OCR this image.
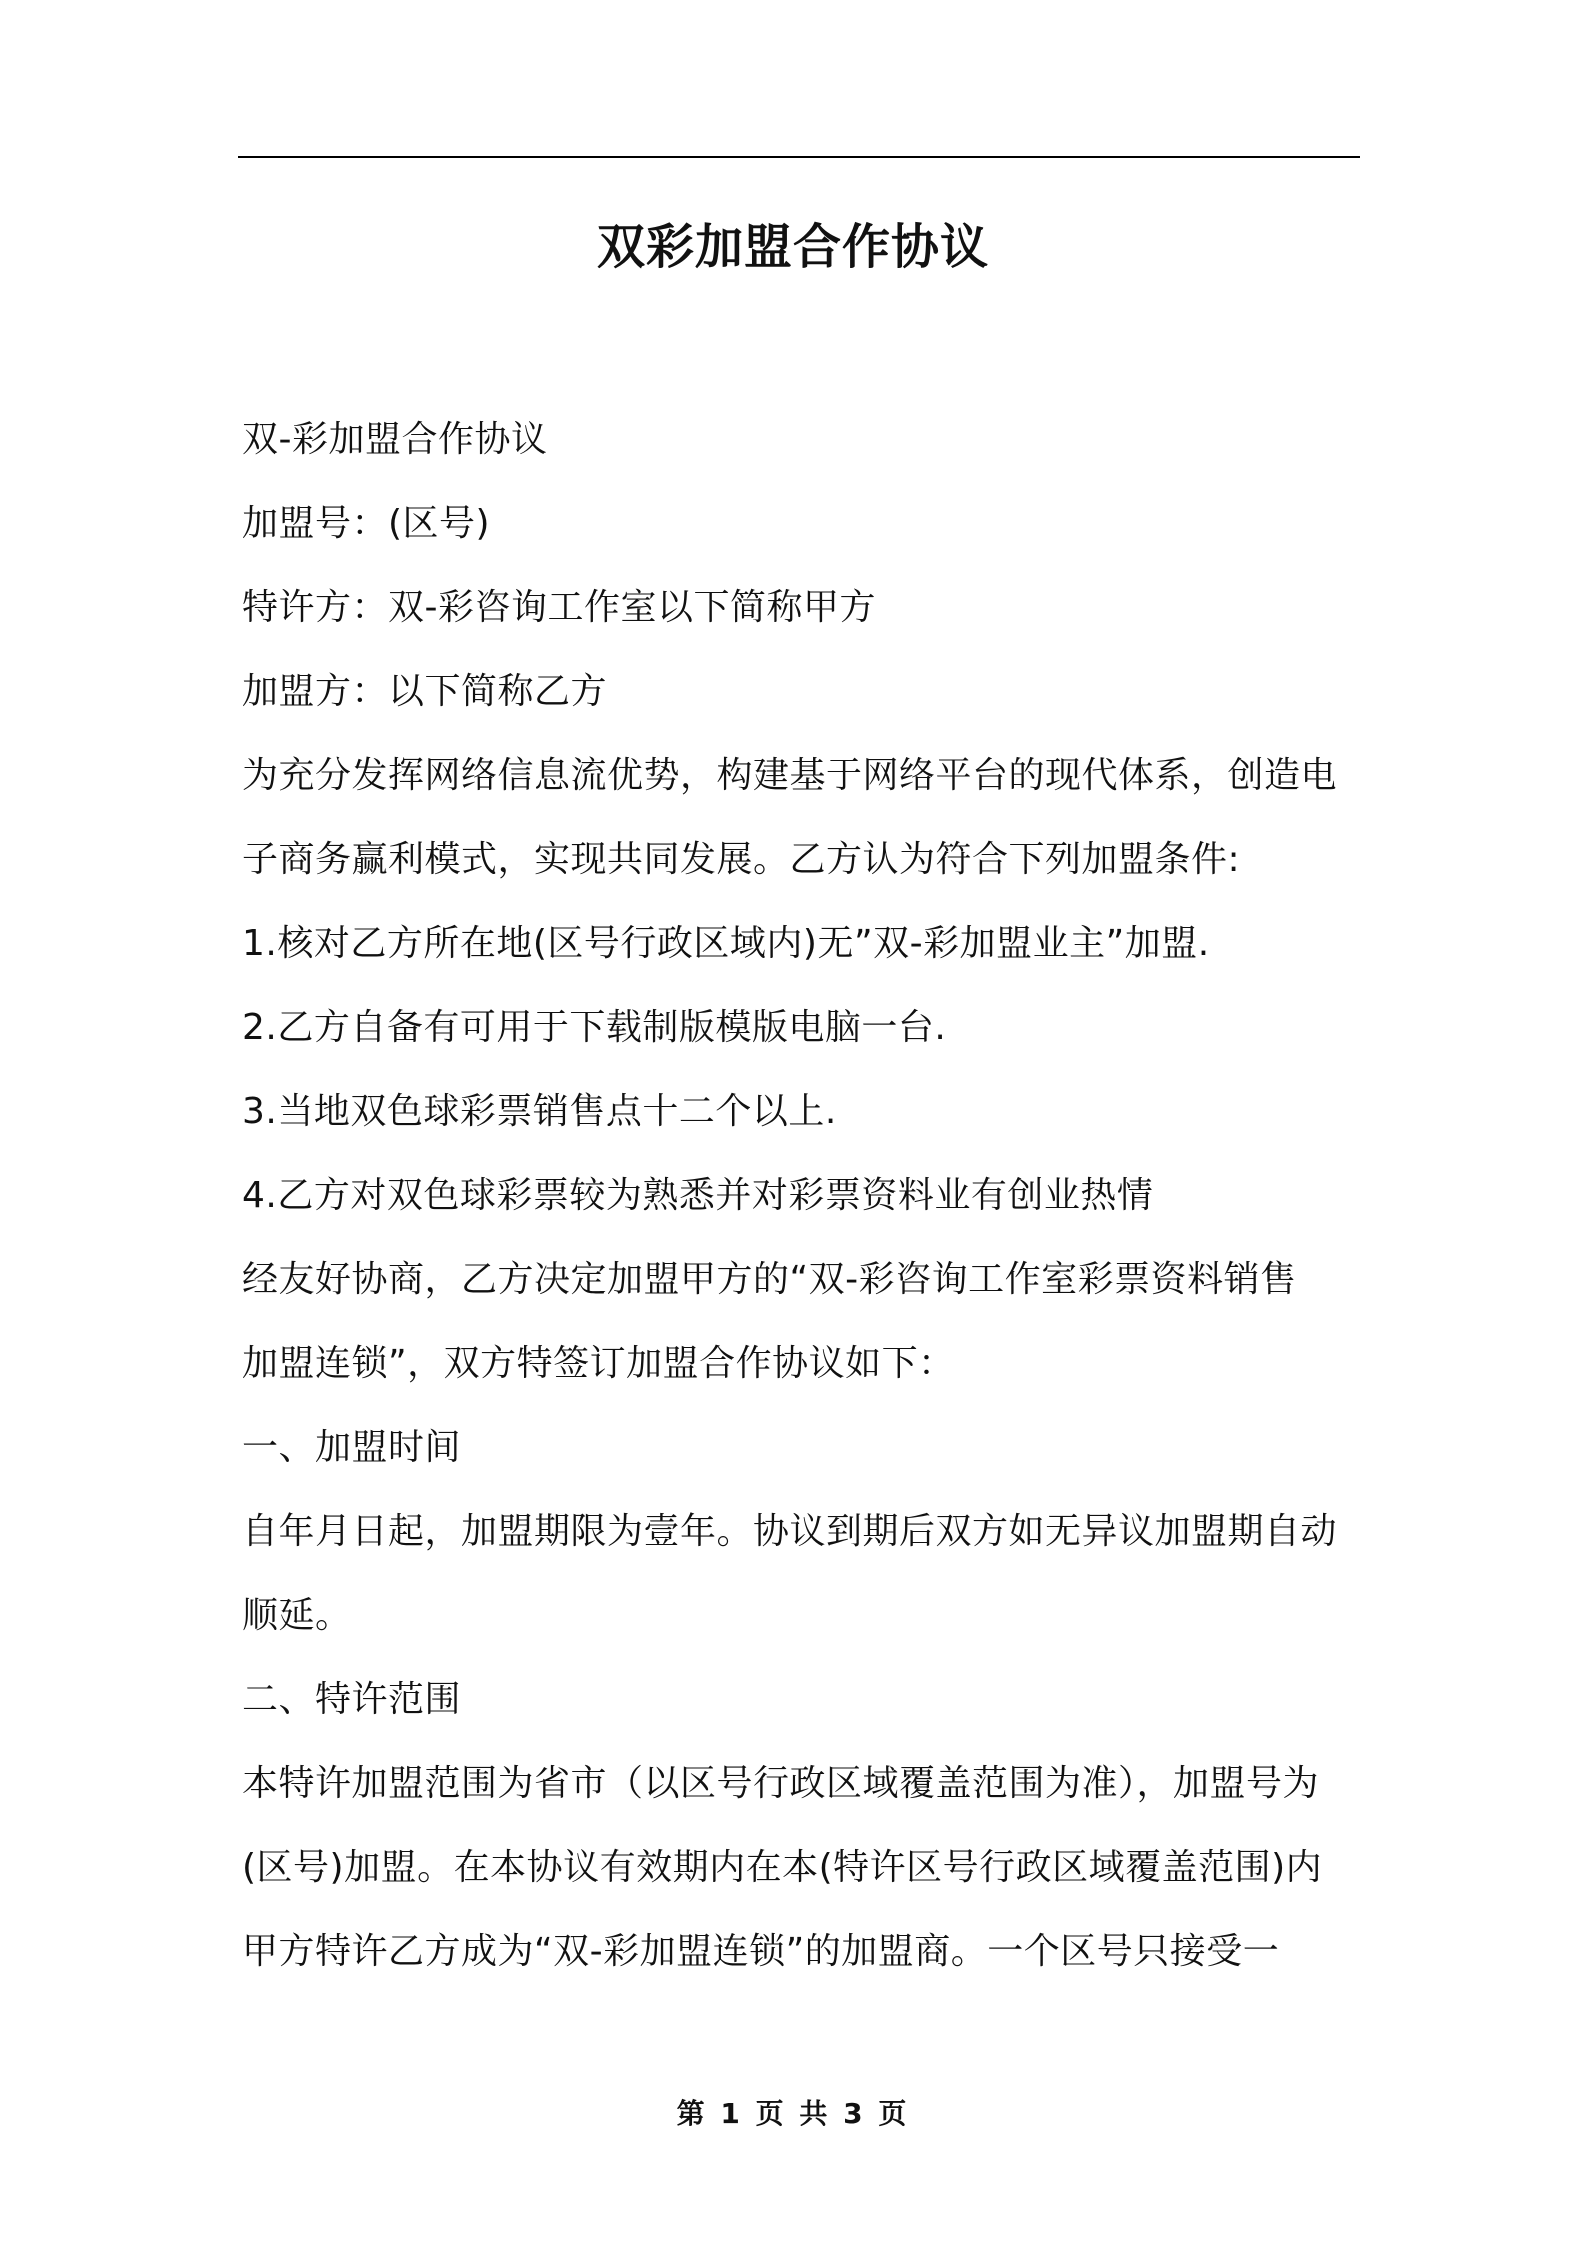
双彩加盟合作协议
双-彩加盟合作协议
加盟号：(区号)
特许方：双-彩咨询工作室以下简称甲方
加盟方：以下简称乙方
为充分发挥网络信息流优势，构建基于网络平台的现代体系，创造电
子商务赢利模式，实现共同发展。乙方认为符合下列加盟条件:
1.核对乙方所在地(区号行政区域内)无”双-彩加盟业主”加盟.
2.乙方自备有可用于下载制版模版电脑一台.
3.当地双色球彩票销售点十二个以上.
4.乙方对双色球彩票较为熟悉并对彩票资料业有创业热情
经友好协商，乙方决定加盟甲方的“双-彩咨询工作室彩票资料销售
加盟连锁”，双方特签订加盟合作协议如下：
一、加盟时间
自年月日起，加盟期限为壹年。协议到期后双方如无异议加盟期自动
顺延。
二、特许范围
本特许加盟范围为省市（以区号行政区域覆盖范围为准），加盟号为
(区号)加盟。在本协议有效期内在本(特许区号行政区域覆盖范围)内
甲方特许乙方成为“双-彩加盟连锁”的加盟商。一个区号只接受一
第 1 页 共 3 页
